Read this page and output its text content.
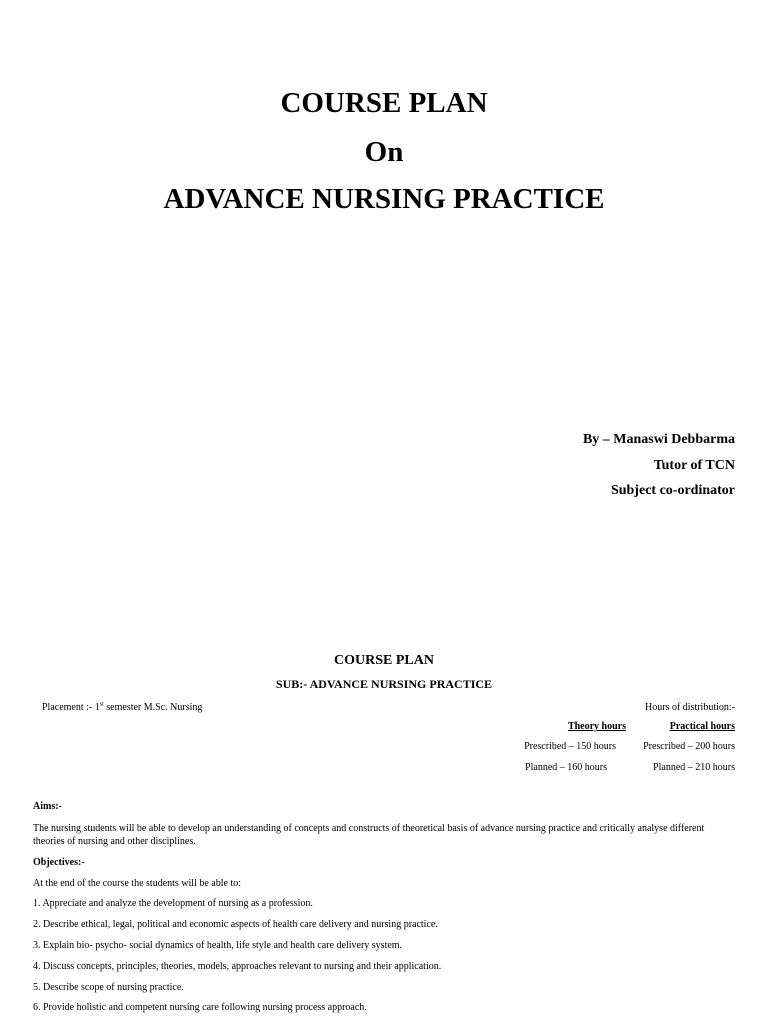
COURSE PLAN
On
ADVANCE NURSING PRACTICE
By – Manaswi Debbarma
Tutor of TCN
Subject co-ordinator
COURSE PLAN
SUB:- ADVANCE NURSING PRACTICE
Placement :- 1st semester M.Sc. Nursing	Hours of distribution:-
Theory hours	Practical hours
Prescribed – 150 hours	Prescribed – 200 hours
Planned – 160 hours	Planned – 210 hours
Aims:-
The nursing students will be able to develop an understanding of concepts and constructs of theoretical basis of advance nursing practice and critically analyse different theories of nursing and other disciplines.
Objectives:-
At the end of the course the students will be able to:
1. Appreciate and analyze the development of nursing as a profession.
2. Describe ethical, legal, political and economic aspects of health care delivery and nursing practice.
3. Explain bio- psycho- social dynamics of health, life style and health care delivery system.
4. Discuss concepts, principles, theories, models, approaches relevant to nursing and their application.
5. Describe scope of nursing practice.
6. Provide holistic and competent nursing care following nursing process approach.
